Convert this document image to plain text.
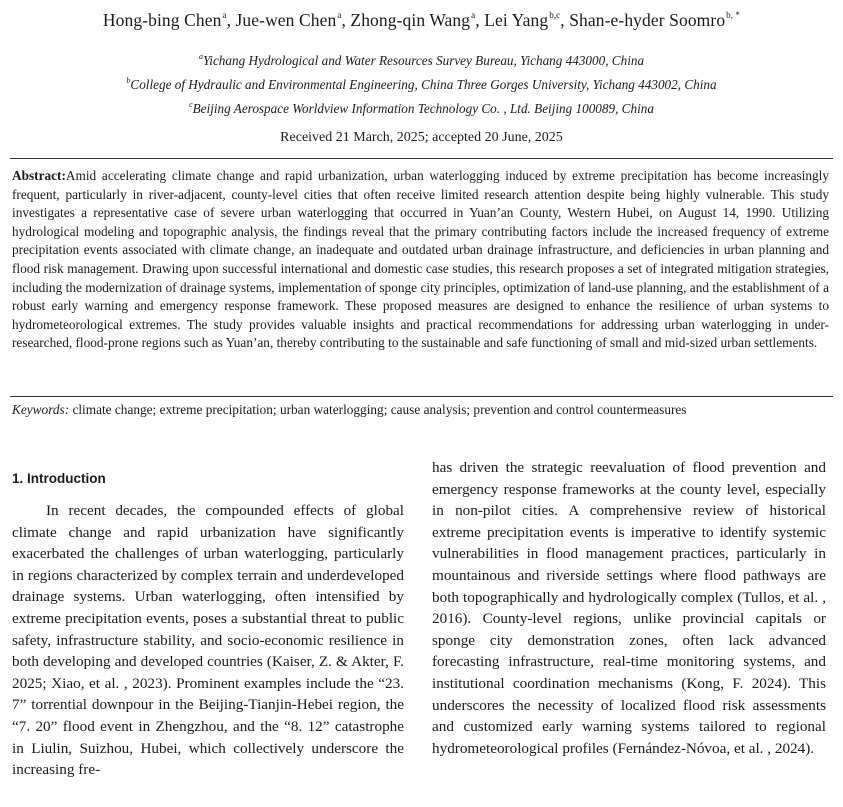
Hong-bing Chen$^a$, Jue-wen Chen$^a$, Zhong-qin Wang$^a$, Lei Yang$^{b,c}$, Shan-e-hyder Soomro$^{b, *}$
$^a$Yichang Hydrological and Water Resources Survey Bureau, Yichang 443000, China
$^b$College of Hydraulic and Environmental Engineering, China Three Gorges University, Yichang 443002, China
$^c$Beijing Aerospace Worldview Information Technology Co. , Ltd. Beijing 100089, China
Received 21 March, 2025; accepted 20 June, 2025

Abstract:Amid accelerating climate change and rapid urbanization, urban waterlogging induced by extreme precipitation has become increasingly frequent, particularly in river-adjacent, county-level cities that often receive limited research attention despite being highly vulnerable. This study investigates a representative case of severe urban waterlogging that occurred in Yuan’an County, Western Hubei, on August 14, 1990. Utilizing hydrological modeling and topographic analysis, the findings reveal that the primary contributing factors include the increased frequency of extreme precipitation events associated with climate change, an inadequate and outdated urban drainage infrastructure, and deficiencies in urban planning and flood risk management. Drawing upon successful international and domestic case studies, this research proposes a set of integrated mitigation strategies, including the modernization of drainage systems, implementation of sponge city principles, optimization of land-use planning, and the establishment of a robust early warning and emergency response framework. These proposed measures are designed to enhance the resilience of urban systems to hydrometeorological extremes. The study provides valuable insights and practical recommendations for addressing urban waterlogging in under-researched, flood-prone regions such as Yuan’an, thereby contributing to the sustainable and safe functioning of small and mid-sized urban settlements.

Keywords: climate change; extreme precipitation; urban waterlogging; cause analysis; prevention and control countermeasures
1. Introduction

In recent decades, the compounded effects of global climate change and rapid urbanization have significantly exacerbated the challenges of urban waterlogging, particularly in regions characterized by complex terrain and underdeveloped drainage systems. Urban waterlogging, often intensified by extreme precipitation events, poses a substantial threat to public safety, infrastructure stability, and socio-economic resilience in both developing and developed countries (Kaiser, Z. & Akter, F. 2025; Xiao, et al. , 2023). Prominent examples include the “23. 7” torrential downpour in the Beijing-Tianjin-Hebei region, the “7. 20” flood event in Zhengzhou, and the “8. 12” catastrophe in Liulin, Suizhou, Hubei, which collectively underscore the increasing fre-

has driven the strategic reevaluation of flood prevention and emergency response frameworks at the county level, especially in non-pilot cities. A comprehensive review of historical extreme precipitation events is imperative to identify systemic vulnerabilities in flood management practices, particularly in mountainous and riverside settings where flood pathways are both topographically and hydrologically complex (Tullos, et al. , 2016). County-level regions, unlike provincial capitals or sponge city demonstration zones, often lack advanced forecasting infrastructure, real-time monitoring systems, and institutional coordination mechanisms (Kong, F. 2024). This underscores the necessity of localized flood risk assessments and customized early warning systems tailored to regional hydrometeorological profiles (Fernández-Nóvoa, et al. , 2024).
